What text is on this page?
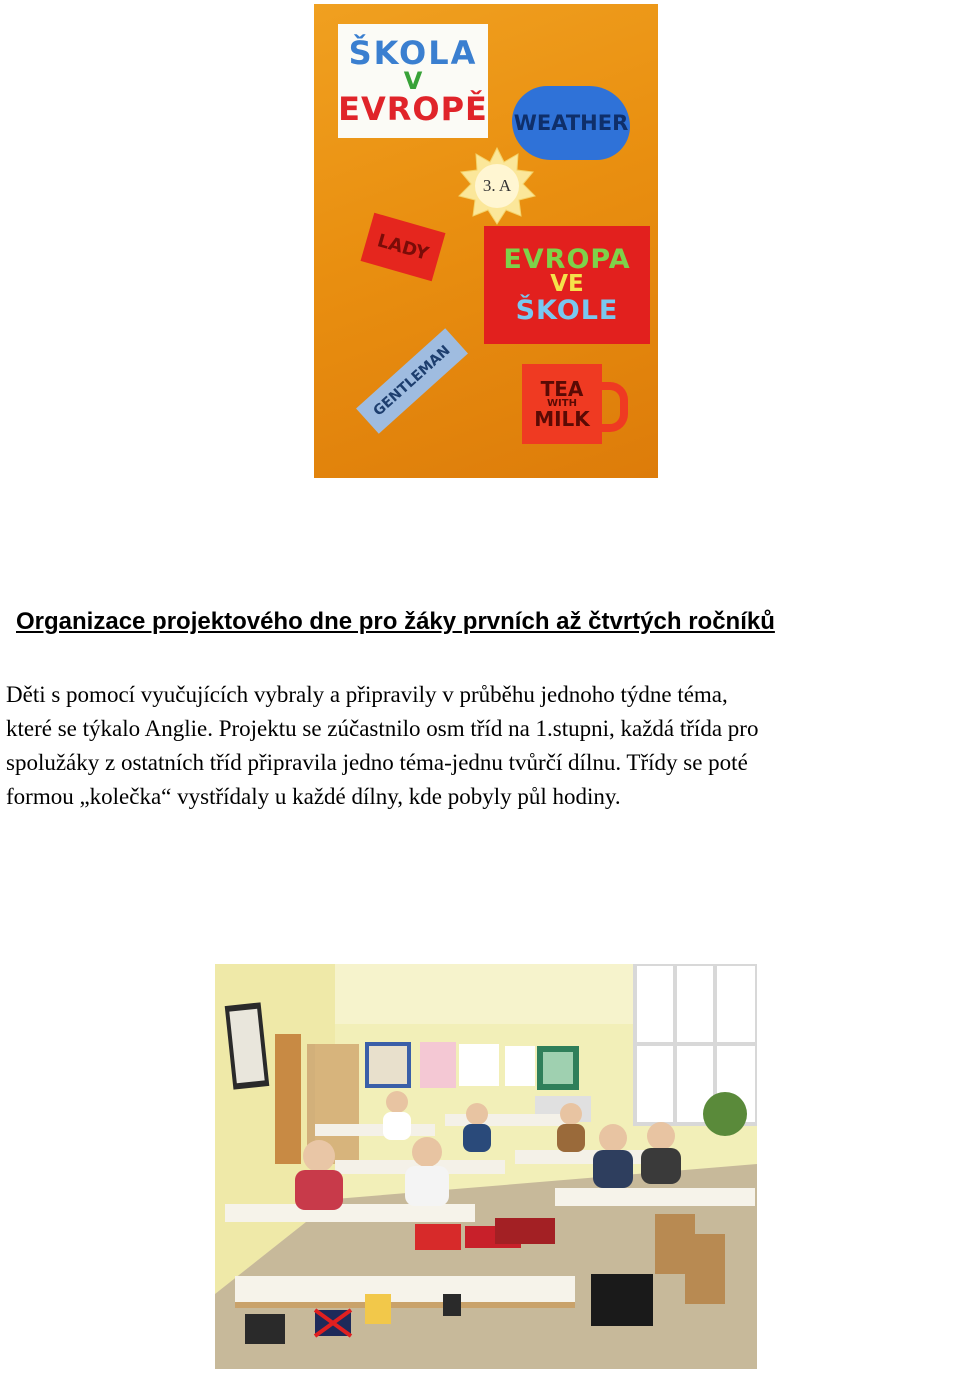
ŠKOLA
V
EVROPĚ WEATHER
3. A
LADY	EVROPA
VE
ŠKOLE
GENTLEMAN	TEA
WITH
MILK
Organizace projektového dne pro žáky prvních až čtvrtých ročníků
Děti s pomocí vyučujících vybraly a připravily v průběhu jednoho týdne téma,
které se týkalo Anglie. Projektu se zúčastnilo osm tříd na 1.stupni, každá třída pro
spolužáky z ostatních tříd připravila jedno téma-jednu tvůrčí dílnu. Třídy se poté
formou „kolečka“ vystřídaly u každé dílny, kde pobyly půl hodiny.
